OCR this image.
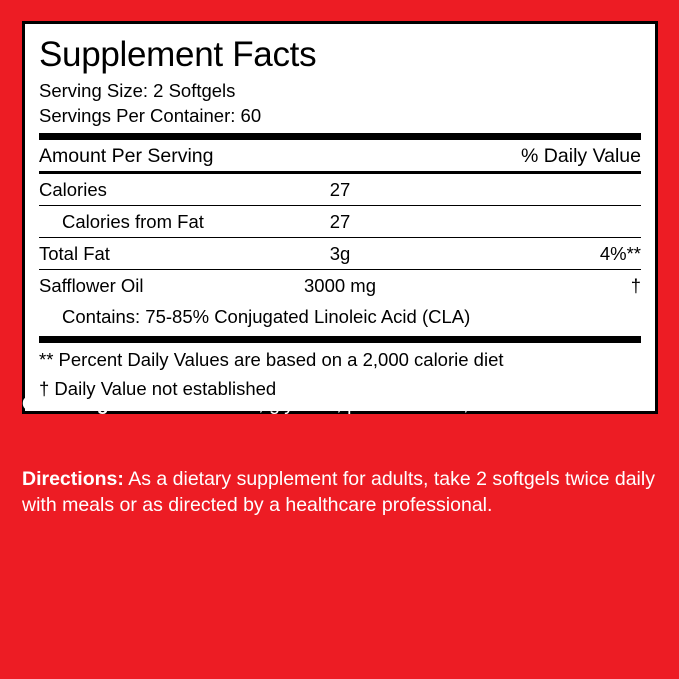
Supplement Facts
Serving Size: 2 Softgels
Servings Per Container: 60
Amount Per Serving	% Daily Value
Calories	27
Calories from Fat	27
Total Fat	3g	4%**
Safflower Oil	3000 mg	†
Contains: 75-85% Conjugated Linoleic Acid (CLA)
** Percent Daily Values are based on a 2,000 calorie diet
† Daily Value not established
Other Ingredients: Gelatin, glycerin, purified water, caramel color.
Directions: As a dietary supplement for adults, take 2 softgels twice daily with meals or as directed by a healthcare professional.
